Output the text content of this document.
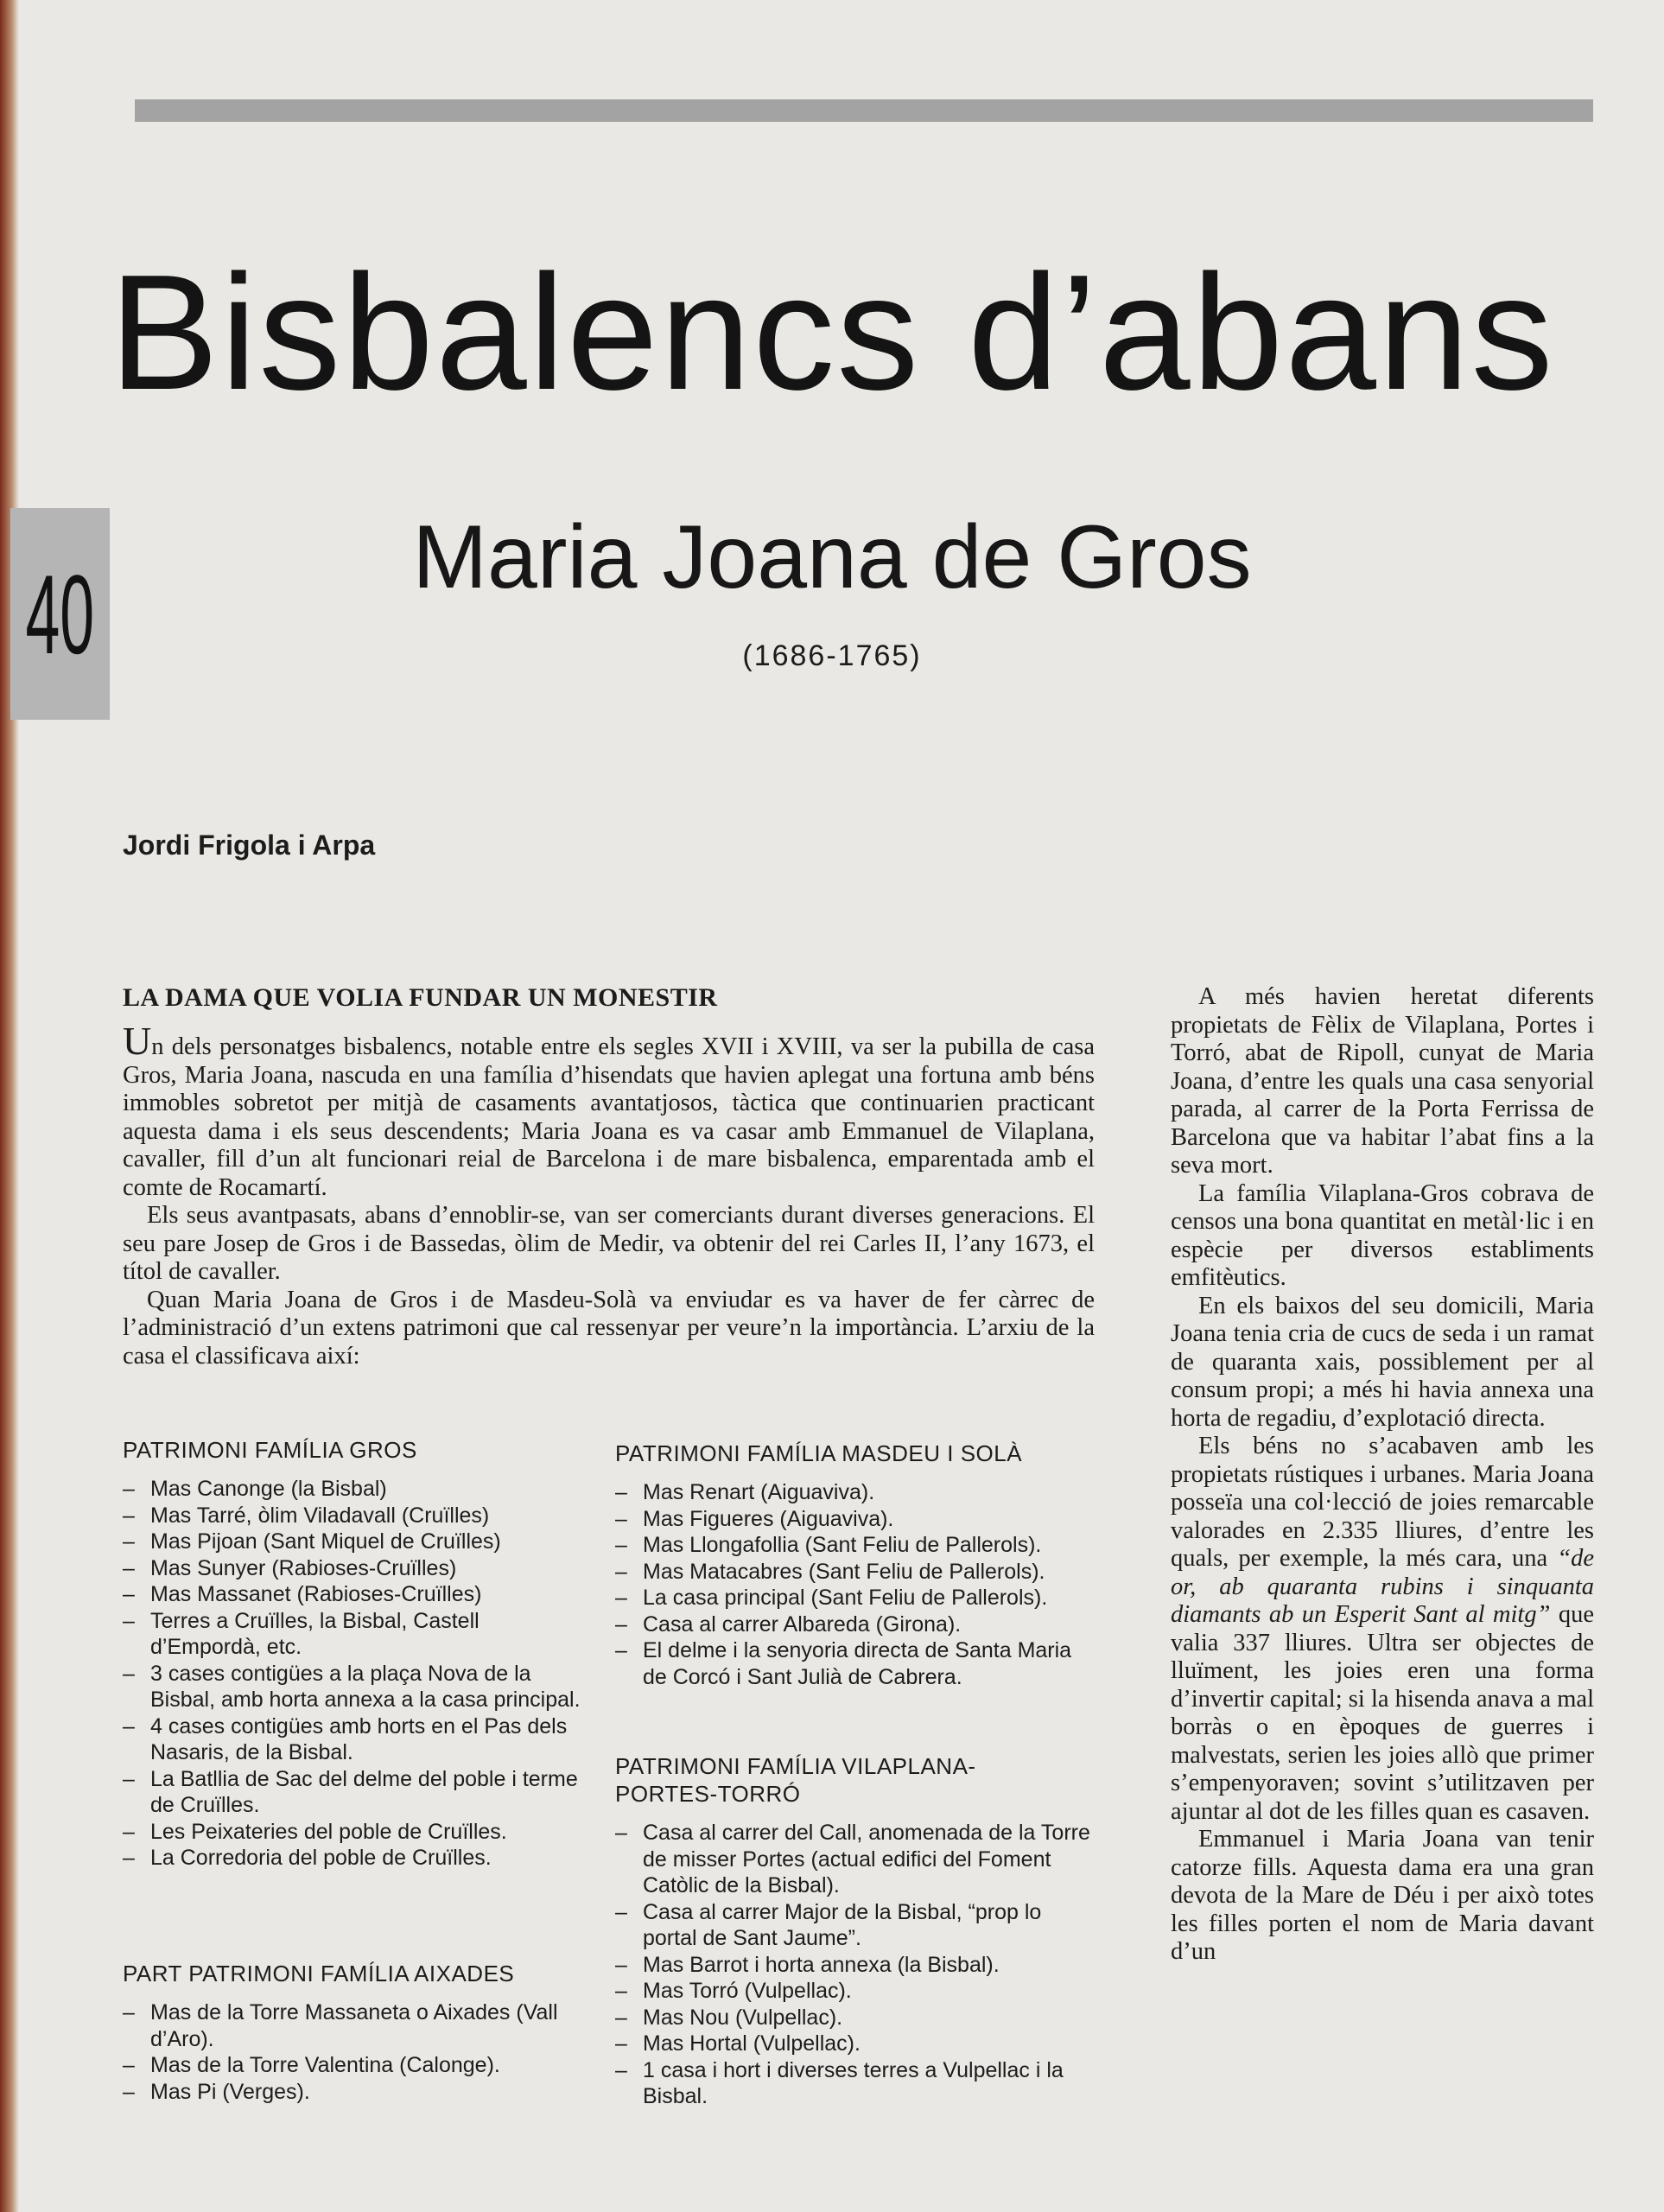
Bisbalencs d’abans
Maria Joana de Gros
(1686-1765)
40
Jordi Frigola i Arpa
LA DAMA QUE VOLIA FUNDAR UN MONESTIR

Un dels personatges bisbalencs, notable entre els segles XVII i XVIII, va ser la pubilla de casa Gros, Maria Joana, nascuda en una família d’hisendats que havien aplegat una fortuna amb béns immobles sobretot per mitjà de casaments avantatjosos, tàctica que continuarien practicant aquesta dama i els seus descendents; Maria Joana es va casar amb Emmanuel de Vilaplana, cavaller, fill d’un alt funcionari reial de Barcelona i de mare bisbalenca, emparentada amb el comte de Rocamartí.

Els seus avantpasats, abans d’ennoblir-se, van ser comerciants durant diverses generacions. El seu pare Josep de Gros i de Bassedas, òlim de Medir, va obtenir del rei Carles II, l’any 1673, el títol de cavaller.

Quan Maria Joana de Gros i de Masdeu-Solà va enviudar es va haver de fer càrrec de l’administració d’un extens patrimoni que cal ressenyar per veure’n la importància. L’arxiu de la casa el classificava així:

PATRIMONI FAMÍLIA GROS
– Mas Canonge (la Bisbal)
– Mas Tarré, òlim Viladavall (Cruïlles)
– Mas Pijoan (Sant Miquel de Cruïlles)
– Mas Sunyer (Rabioses-Cruïlles)
– Mas Massanet (Rabioses-Cruïlles)
– Terres a Cruïlles, la Bisbal, Castell d’Empordà, etc.
– 3 cases contigües a la plaça Nova de la Bisbal, amb horta annexa a la casa principal.
– 4 cases contigües amb horts en el Pas dels Nasaris, de la Bisbal.
– La Batllia de Sac del delme del poble i terme de Cruïlles.
– Les Peixateries del poble de Cruïlles.
– La Corredoria del poble de Cruïlles.
PART PATRIMONI FAMÍLIA AIXADES
– Mas de la Torre Massaneta o Aixades (Vall d’Aro).
– Mas de la Torre Valentina (Calonge).
– Mas Pi (Verges).
PATRIMONI FAMÍLIA MASDEU I SOLÀ
– Mas Renart (Aiguaviva).
– Mas Figueres (Aiguaviva).
– Mas Llongafollia (Sant Feliu de Pallerols).
– Mas Matacabres (Sant Feliu de Pallerols).
– La casa principal (Sant Feliu de Pallerols).
– Casa al carrer Albareda (Girona).
– El delme i la senyoria directa de Santa Maria de Corcó i Sant Julià de Cabrera.
PATRIMONI FAMÍLIA VILAPLANA-PORTES-TORRÓ
– Casa al carrer del Call, anomenada de la Torre de misser Portes (actual edifici del Foment Catòlic de la Bisbal).
– Casa al carrer Major de la Bisbal, “prop lo portal de Sant Jaume”.
– Mas Barrot i horta annexa (la Bisbal).
– Mas Torró (Vulpellac).
– Mas Nou (Vulpellac).
– Mas Hortal (Vulpellac).
– 1 casa i hort i diverses terres a Vulpellac i la Bisbal.

A més havien heretat diferents propietats de Fèlix de Vilaplana, Portes i Torró, abat de Ripoll, cunyat de Maria Joana, d’entre les quals una casa senyorial parada, al carrer de la Porta Ferrissa de Barcelona que va habitar l’abat fins a la seva mort.

La família Vilaplana-Gros cobrava de censos una bona quantitat en metàl·lic i en espècie per diversos establiments emfitèutics.

En els baixos del seu domicili, Maria Joana tenia cria de cucs de seda i un ramat de quaranta xais, possiblement per al consum propi; a més hi havia annexa una horta de regadiu, d’explotació directa.

Els béns no s’acabaven amb les propietats rústiques i urbanes. Maria Joana posseïa una col·lecció de joies remarcable valorades en 2.335 lliures, d’entre les quals, per exemple, la més cara, una “de or, ab quaranta rubins i sinquanta diamants ab un Esperit Sant al mitg” que valia 337 lliures. Ultra ser objectes de lluïment, les joies eren una forma d’invertir capital; si la hisenda anava a mal borràs o en èpoques de guerres i malvestats, serien les joies allò que primer s’empenyoraven; sovint s’utilitzaven per ajuntar al dot de les filles quan es casaven.

Emmanuel i Maria Joana van tenir catorze fills. Aquesta dama era una gran devota de la Mare de Déu i per això totes les filles porten el nom de Maria davant d’un
